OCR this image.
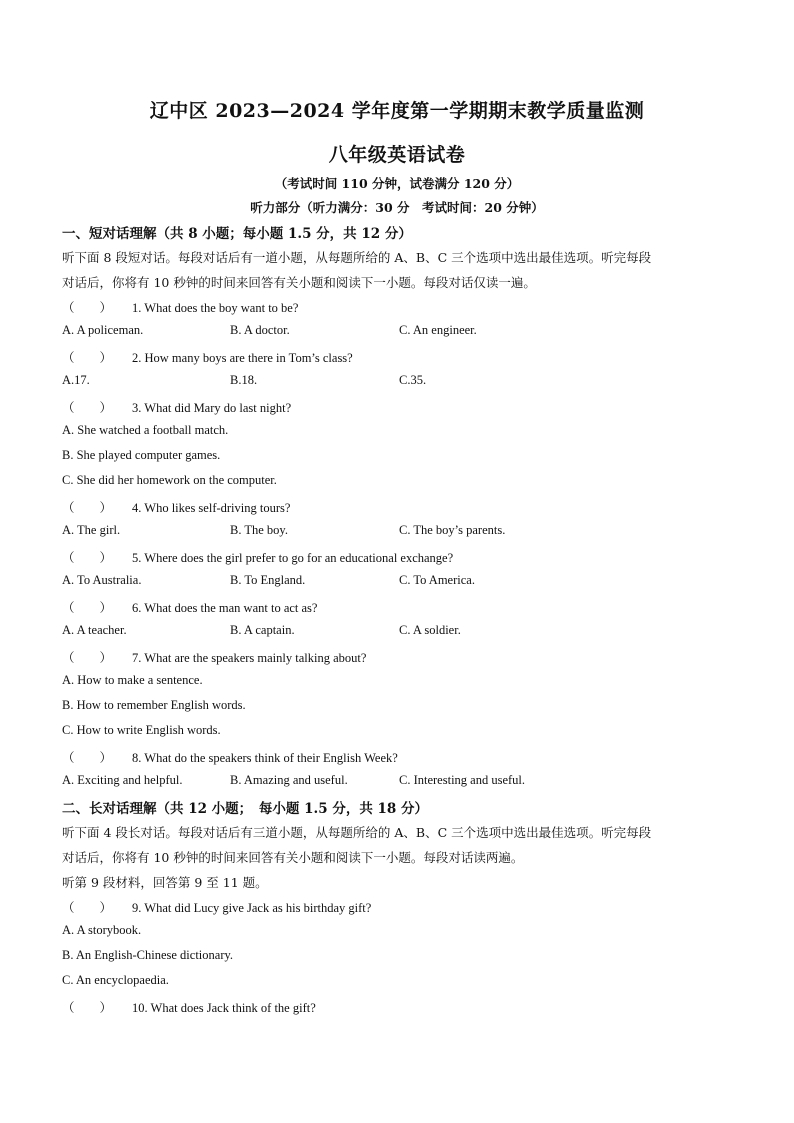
辽中区 2023—2024 学年度第一学期期末教学质量监测
八年级英语试卷
（考试时间 110 分钟，试卷满分 120 分）
听力部分（听力满分：30 分　考试时间：20 分钟）
一、短对话理解（共 8 小题；每小题 1.5 分，共 12 分）
听下面 8 段短对话。每段对话后有一道小题，从每题所给的 A、B、C 三个选项中选出最佳选项。听完每段
对话后，你将有 10 秒钟的时间来回答有关小题和阅读下一小题。每段对话仅读一遍。
（　　） 1. What does the boy want to be?
A. A policeman.	B. A doctor.	C. An engineer.
（　　） 2. How many boys are there in Tom’s class?
A.17.	B.18.	C.35.
（　　） 3. What did Mary do last night?
A. She watched a football match.
B. She played computer games.
C. She did her homework on the computer.
（　　） 4. Who likes self-driving tours?
A. The girl.	B. The boy.	C. The boy’s parents.
（　　） 5. Where does the girl prefer to go for an educational exchange?
A. To Australia.	B. To England.	C. To America.
（　　） 6. What does the man want to act as?
A. A teacher.	B. A captain.	C. A soldier.
（　　） 7. What are the speakers mainly talking about?
A. How to make a sentence.
B. How to remember English words.
C. How to write English words.
（　　） 8. What do the speakers think of their English Week?
A. Exciting and helpful.	B. Amazing and useful.	C. Interesting and useful.
二、长对话理解（共 12 小题；　每小题 1.5 分，共 18 分）
听下面 4 段长对话。每段对话后有三道小题，从每题所给的 A、B、C 三个选项中选出最佳选项。听完每段
对话后，你将有 10 秒钟的时间来回答有关小题和阅读下一小题。每段对话读两遍。
听第 9 段材料，回答第 9 至 11 题。
（　　） 9. What did Lucy give Jack as his birthday gift?
A. A storybook.
B. An English-Chinese dictionary.
C. An encyclopaedia.
（　　） 10. What does Jack think of the gift?
